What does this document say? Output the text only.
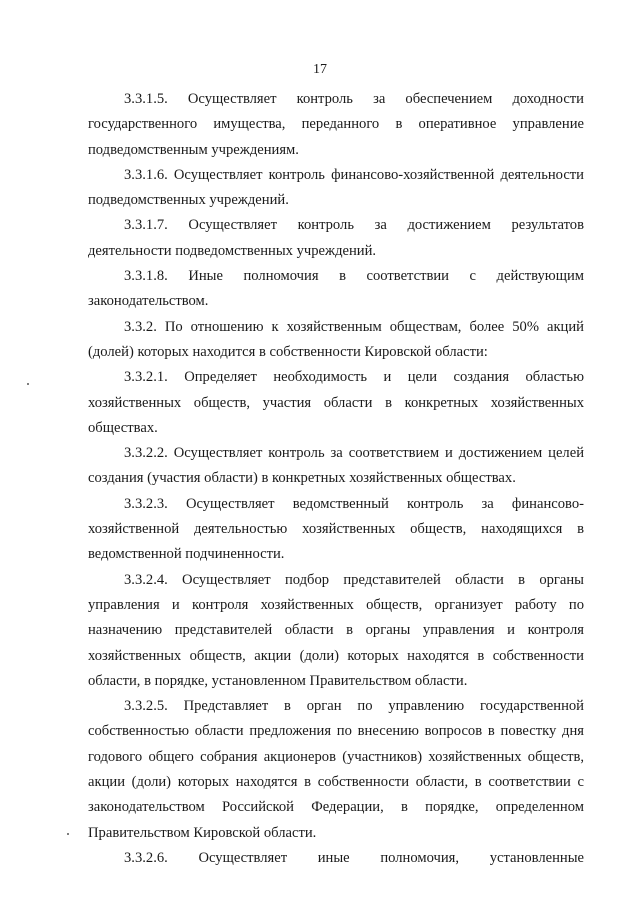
17

3.3.1.5. Осуществляет контроль за обеспечением доходности государственного имущества, переданного в оперативное управление подведомственным учреждениям.

3.3.1.6. Осуществляет контроль финансово-хозяйственной деятельности подведомственных учреждений.

3.3.1.7. Осуществляет контроль за достижением результатов деятельности подведомственных учреждений.

3.3.1.8. Иные полномочия в соответствии с действующим законодательством.

3.3.2. По отношению к хозяйственным обществам, более 50% акций (долей) которых находится в собственности Кировской области:

3.3.2.1. Определяет необходимость и цели создания областью хозяйственных обществ, участия области в конкретных хозяйственных обществах.

3.3.2.2. Осуществляет контроль за соответствием и достижением целей создания (участия области) в конкретных хозяйственных обществах.

3.3.2.3. Осуществляет ведомственный контроль за финансово-хозяйственной деятельностью хозяйственных обществ, находящихся в ведомственной подчиненности.

3.3.2.4. Осуществляет подбор представителей области в органы управления и контроля хозяйственных обществ, организует работу по назначению представителей области в органы управления и контроля хозяйственных обществ, акции (доли) которых находятся в собственности области, в порядке, установленном Правительством области.

3.3.2.5. Представляет в орган по управлению государственной собственностью области предложения по внесению вопросов в повестку дня годового общего собрания акционеров (участников) хозяйственных обществ, акции (доли) которых находятся в собственности области, в соответствии с законодательством Российской Федерации, в порядке, определенном Правительством Кировской области.

3.3.2.6. Осуществляет иные полномочия, установленные
